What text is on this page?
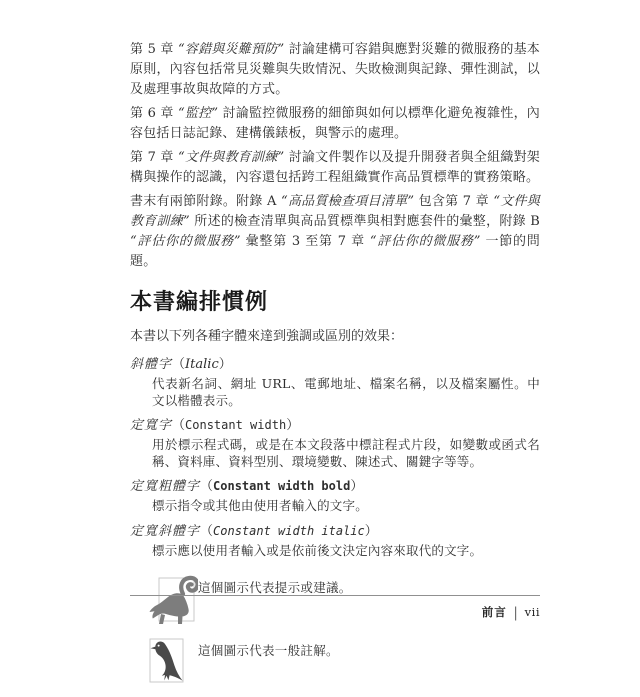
第 5 章 “容錯與災難預防” 討論建構可容錯與應對災難的微服務的基本原則，內容包括常見災難與失敗情況、失敗檢測與記錄、彈性測試，以及處理事故與故障的方式。

第 6 章 “監控” 討論監控微服務的細節與如何以標準化避免複雜性，內容包括日誌記錄、建構儀錶板，與警示的處理。

第 7 章 “文件與教育訓練” 討論文件製作以及提升開發者與全組織對架構與操作的認識，內容還包括跨工程組織實作高品質標準的實務策略。

書末有兩節附錄。附錄 A “高品質檢查項目清單” 包含第 7 章 “文件與教育訓練” 所述的檢查清單與高品質標準與相對應套件的彙整，附錄 B “評估你的微服務” 彙整第 3 至第 7 章 “評估你的微服務” 一節的問題。

本書編排慣例

本書以下列各種字體來達到強調或區別的效果：

斜體字（Italic）
代表新名詞、網址 URL、電郵地址、檔案名稱，以及檔案屬性。中文以楷體表示。
定寬字（Constant width）
用於標示程式碼，或是在本文段落中標註程式片段，如變數或函式名稱、資料庫、資料型別、環境變數、陳述式、關鍵字等等。
定寬粗體字（Constant width bold）
標示指令或其他由使用者輸入的文字。
定寬斜體字（Constant width italic）
標示應以使用者輸入或是依前後文決定內容來取代的文字。
這個圖示代表提示或建議。
這個圖示代表一般註解。
前言 | vii
